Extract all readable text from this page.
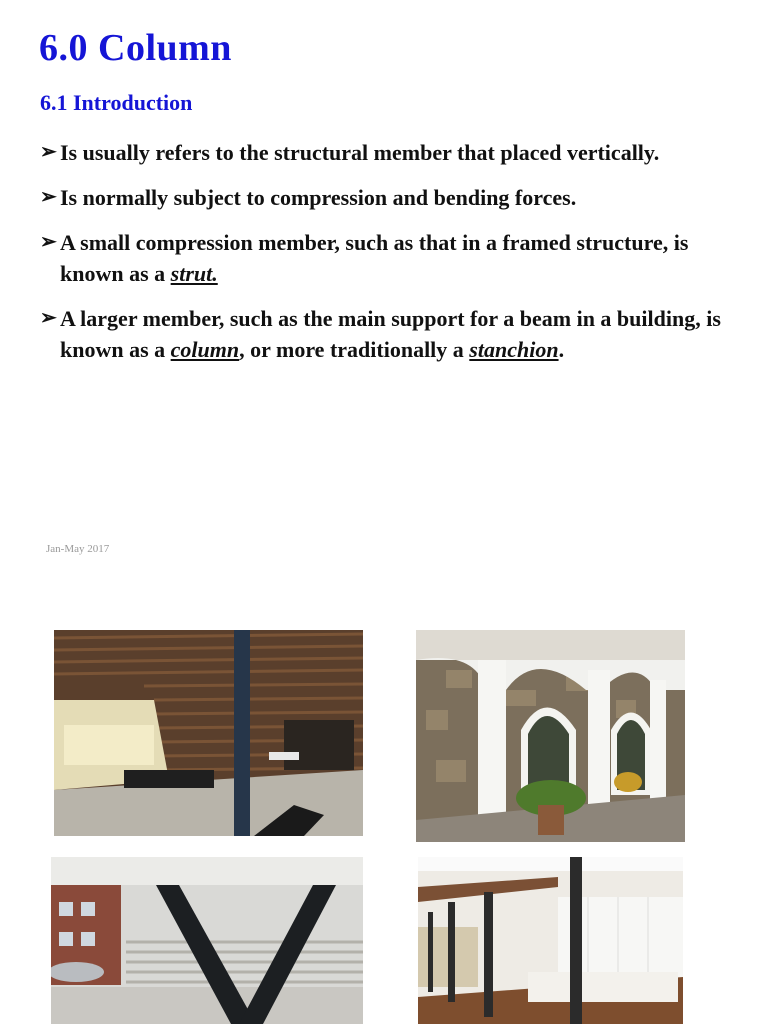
6.0 Column
6.1 Introduction
➢ Is usually refers to the structural member that placed vertically.
➢ Is normally subject to compression and bending forces.
➢ A small compression member, such as that in a framed structure, is known as a strut.
➢ A larger member, such as the main support for a beam in a building, is known as a column, or more traditionally a stanchion.
Jan-May 2017
